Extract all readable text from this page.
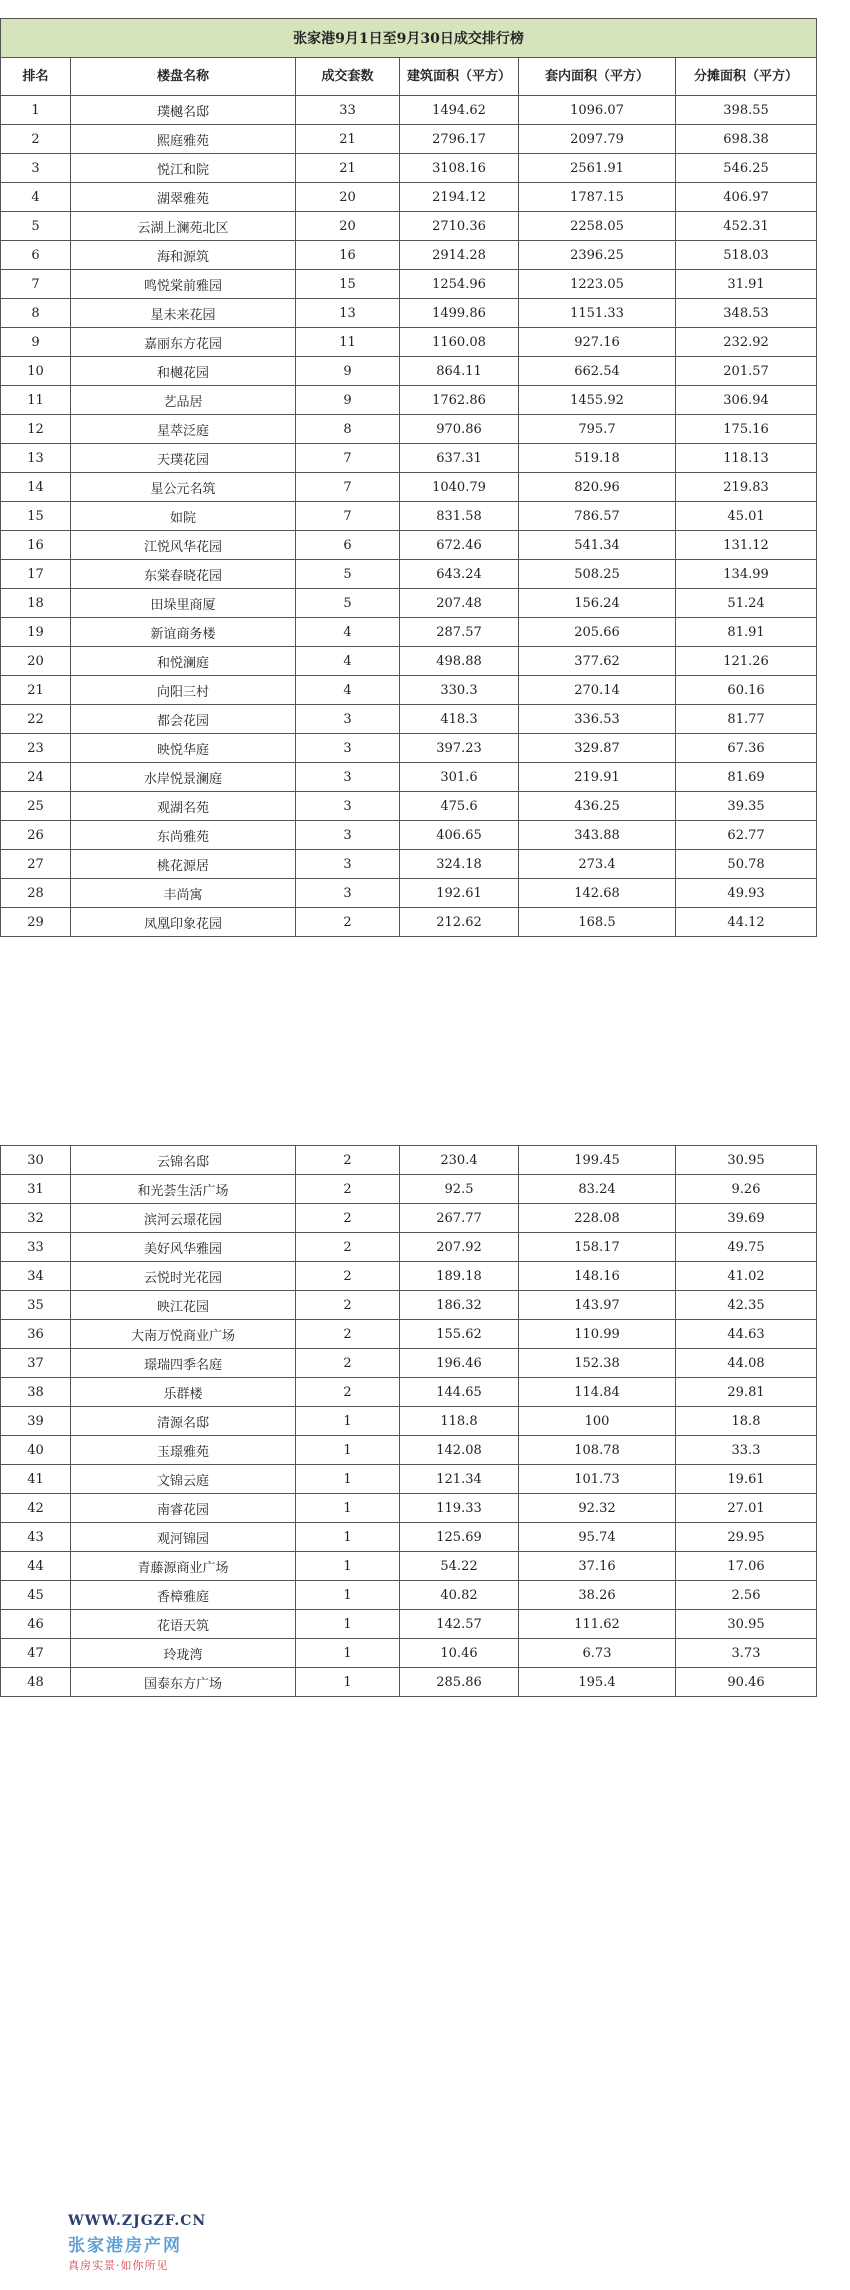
张家港9月1日至9月30日成交排行榜					
排名	楼盘名称	成交套数	建筑面积（平方）	套内面积（平方）	分摊面积（平方）
1	璞樾名邸	33	1494.62	1096.07	398.55
2	熙庭雅苑	21	2796.17	2097.79	698.38
3	悦江和院	21	3108.16	2561.91	546.25
4	湖翠雅苑	20	2194.12	1787.15	406.97
5	云湖上澜苑北区	20	2710.36	2258.05	452.31
6	海和源筑	16	2914.28	2396.25	518.03
7	鸣悦棠前雅园	15	1254.96	1223.05	31.91
8	星未来花园	13	1499.86	1151.33	348.53
9	嘉丽东方花园	11	1160.08	927.16	232.92
10	和樾花园	9	864.11	662.54	201.57
11	艺品居	9	1762.86	1455.92	306.94
12	星萃泛庭	8	970.86	795.7	175.16
13	天璞花园	7	637.31	519.18	118.13
14	星公元名筑	7	1040.79	820.96	219.83
15	如院	7	831.58	786.57	45.01
16	江悦风华花园	6	672.46	541.34	131.12
17	东棠春晓花园	5	643.24	508.25	134.99
18	田垛里商厦	5	207.48	156.24	51.24
19	新谊商务楼	4	287.57	205.66	81.91
20	和悦澜庭	4	498.88	377.62	121.26
21	向阳三村	4	330.3	270.14	60.16
22	都会花园	3	418.3	336.53	81.77
23	映悦华庭	3	397.23	329.87	67.36
24	水岸悦景澜庭	3	301.6	219.91	81.69
25	观湖名苑	3	475.6	436.25	39.35
26	东尚雅苑	3	406.65	343.88	62.77
27	桃花源居	3	324.18	273.4	50.78
28	丰尚寓	3	192.61	142.68	49.93
29	凤凰印象花园	2	212.62	168.5	44.12
30	云锦名邸	2	230.4	199.45	30.95
31	和光荟生活广场	2	92.5	83.24	9.26
32	滨河云璟花园	2	267.77	228.08	39.69
33	美好风华雅园	2	207.92	158.17	49.75
34	云悦时光花园	2	189.18	148.16	41.02
35	映江花园	2	186.32	143.97	42.35
36	大南万悦商业广场	2	155.62	110.99	44.63
37	璟瑞四季名庭	2	196.46	152.38	44.08
38	乐群楼	2	144.65	114.84	29.81
39	清源名邸	1	118.8	100	18.8
40	玉璟雅苑	1	142.08	108.78	33.3
41	文锦云庭	1	121.34	101.73	19.61
42	南睿花园	1	119.33	92.32	27.01
43	观河锦园	1	125.69	95.74	29.95
44	青藤源商业广场	1	54.22	37.16	17.06
45	香樟雅庭	1	40.82	38.26	2.56
46	花语天筑	1	142.57	111.62	30.95
47	玲珑湾	1	10.46	6.73	3.73
48	国泰东方广场	1	285.86	195.4	90.46
WWW.ZJGZF.CN
张家港房产网
真房实景·如你所见
